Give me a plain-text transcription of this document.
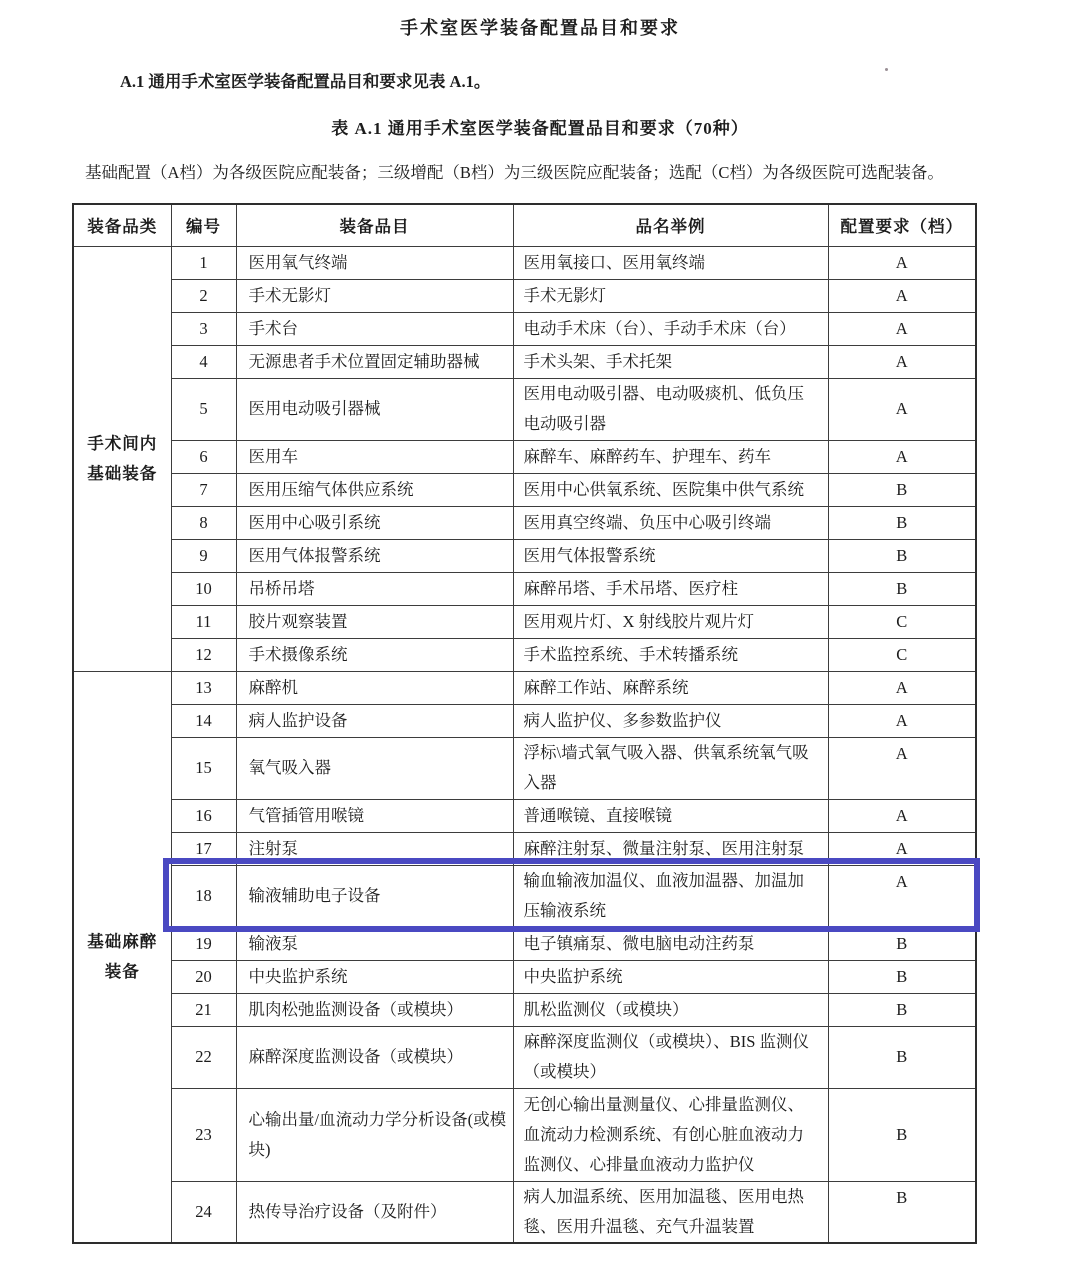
手术室医学装备配置品目和要求
A.1 通用手术室医学装备配置品目和要求见表 A.1。
表 A.1 通用手术室医学装备配置品目和要求（70种）
基础配置（A档）为各级医院应配装备；三级增配（B档）为三级医院应配装备；选配（C档）为各级医院可选配装备。
装备品类	编号	装备品目	品名举例	配置要求（档）

手术间内
基础装备	1	医用氧气终端	医用氧接口、医用氧终端	A
	2	手术无影灯	手术无影灯	A
	3	手术台	电动手术床（台）、手动手术床（台）	A
	4	无源患者手术位置固定辅助器械	手术头架、手术托架	A
	5	医用电动吸引器械	医用电动吸引器、电动吸痰机、低负压电动吸引器	A
	6	医用车	麻醉车、麻醉药车、护理车、药车	A
	7	医用压缩气体供应系统	医用中心供氧系统、医院集中供气系统	B
	8	医用中心吸引系统	医用真空终端、负压中心吸引终端	B
	9	医用气体报警系统	医用气体报警系统	B
	10	吊桥吊塔	麻醉吊塔、手术吊塔、医疗柱	B
	11	胶片观察装置	医用观片灯、X 射线胶片观片灯	C
	12	手术摄像系统	手术监控系统、手术转播系统	C

基础麻醉
装备	13	麻醉机	麻醉工作站、麻醉系统	A
	14	病人监护设备	病人监护仪、多参数监护仪	A
	15	氧气吸入器	浮标\墙式氧气吸入器、供氧系统氧气吸入器	A
	16	气管插管用喉镜	普通喉镜、直接喉镜	A
	17	注射泵	麻醉注射泵、微量注射泵、医用注射泵	A
	18	输液辅助电子设备	输血输液加温仪、血液加温器、加温加压输液系统	A
	19	输液泵	电子镇痛泵、微电脑电动注药泵	B
	20	中央监护系统	中央监护系统	B
	21	肌肉松弛监测设备（或模块）	肌松监测仪（或模块）	B
	22	麻醉深度监测设备（或模块）	麻醉深度监测仪（或模块）、BIS 监测仪（或模块）	B
	23	心输出量/血流动力学分析设备(或模块)	无创心输出量测量仪、心排量监测仪、血流动力检测系统、有创心脏血液动力监测仪、心排量血液动力监护仪	B
	24	热传导治疗设备（及附件）	病人加温系统、医用加温毯、医用电热毯、医用升温毯、充气升温装置	B
